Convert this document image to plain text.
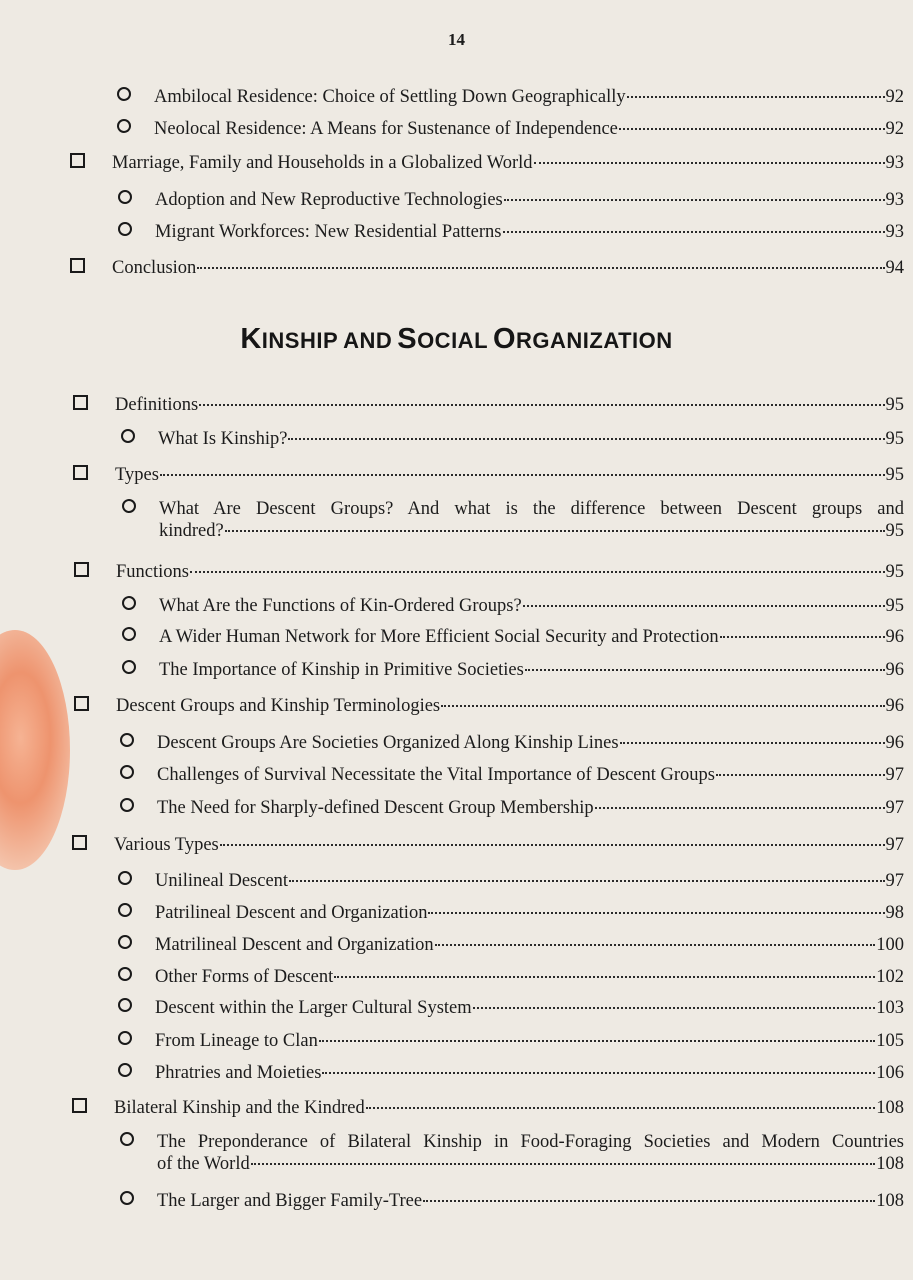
14
Ambilocal Residence: Choice of Settling Down Geographically	92
Neolocal Residence: A Means for Sustenance of Independence	92
Marriage, Family and Households in a Globalized World	93
Adoption and New Reproductive Technologies	93
Migrant Workforces: New Residential Patterns	93
Conclusion	94
KINSHIP AND SOCIAL ORGANIZATION
Definitions	95
What Is Kinship?	95
Types	95
What Are Descent Groups? And what is the difference between Descent groups and
kindred?	95
Functions	95
What Are the Functions of Kin-Ordered Groups?	95
A Wider Human Network for More Efficient Social Security and Protection	96
The Importance of Kinship in Primitive Societies	96
Descent Groups and Kinship Terminologies	96
Descent Groups Are Societies Organized Along Kinship Lines	96
Challenges of Survival Necessitate the Vital Importance of Descent Groups	97
The Need for Sharply-defined Descent Group Membership	97
Various Types	97
Unilineal Descent	97
Patrilineal Descent and Organization	98
Matrilineal Descent and Organization	100
Other Forms of Descent	102
Descent within the Larger Cultural System	103
From Lineage to Clan	105
Phratries and Moieties	106
Bilateral Kinship and the Kindred	108
The Preponderance of Bilateral Kinship in Food-Foraging Societies and Modern Countries
of the World	108
The Larger and Bigger Family-Tree	108
